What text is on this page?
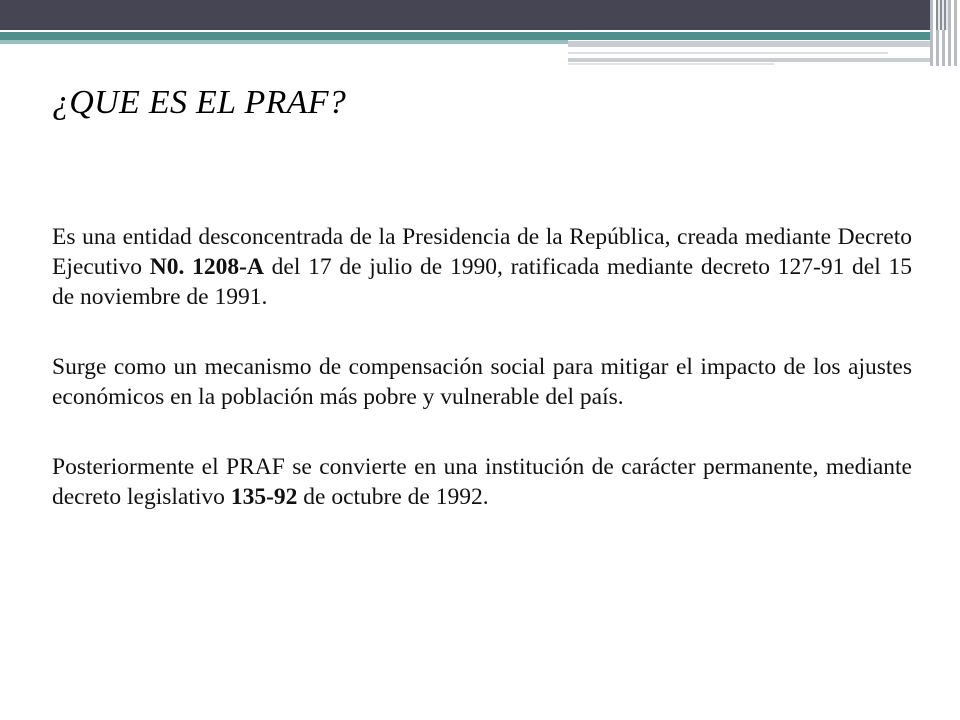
¿QUE ES EL PRAF?

Es una entidad desconcentrada de la Presidencia de la República, creada mediante Decreto Ejecutivo N0. 1208-A del 17 de julio de 1990, ratificada mediante decreto 127-91 del 15 de noviembre de 1991.

Surge como un mecanismo de compensación social para mitigar el impacto de los ajustes económicos en la población más pobre y vulnerable del país.

Posteriormente el PRAF se convierte en una institución de carácter permanente, mediante decreto legislativo 135-92 de octubre de 1992.
